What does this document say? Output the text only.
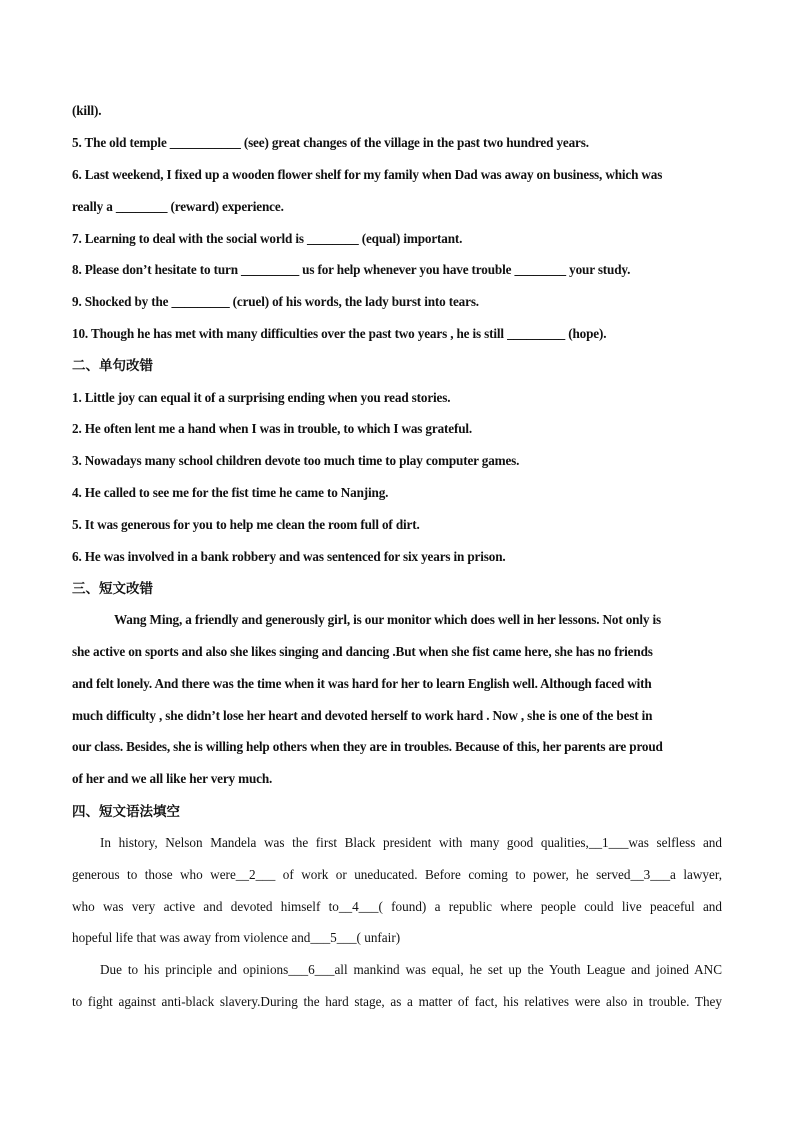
(kill).
5. The old temple ___________ (see) great changes of the village in the past two hundred years.
6. Last weekend, I fixed up a wooden flower shelf for my family when Dad was away on business, which was
really a ________ (reward) experience.
7. Learning to deal with the social world is ________ (equal) important.
8. Please don’t hesitate to turn _________ us for help whenever you have trouble ________ your study.
9. Shocked by the _________ (cruel) of his words, the lady burst into tears.
10. Though he has met with many difficulties over the past two years , he is still _________ (hope).
二、单句改错
1. Little joy can equal it of a surprising ending when you read stories.
2. He often lent me a hand when I was in trouble, to which I was grateful.
3. Nowadays many school children devote too much time to play computer games.
4. He called to see me for the fist time he came to Nanjing.
5. It was generous for you to help me clean the room full of dirt.
6. He was involved in a bank robbery and was sentenced for six years in prison.
三、短文改错
Wang Ming, a friendly and generously girl, is our monitor which does well in her lessons. Not only is
she active on sports and also she likes singing and dancing .But when she fist came here, she has no friends
and felt lonely. And there was the time when it was hard for her to learn English well. Although faced with
much difficulty , she didn’t lose her heart and devoted herself to work hard . Now , she is one of the best in
our class. Besides, she is willing help others when they are in troubles. Because of this, her parents are proud
of her and we all like her very much.
四、短文语法填空
In history, Nelson Mandela was the first Black president with many good qualities,__1___was selfless and
generous to those who were__2___ of work or uneducated. Before coming to power, he served__3___a lawyer,
who was very active and devoted himself to__4___( found) a republic where people could live peaceful and
hopeful life that was away from violence and___5___( unfair)
Due to his principle and opinions___6___all mankind was equal, he set up the Youth League and joined ANC
to fight against anti-black slavery.During the hard stage, as a matter of fact, his relatives were also in trouble. They
